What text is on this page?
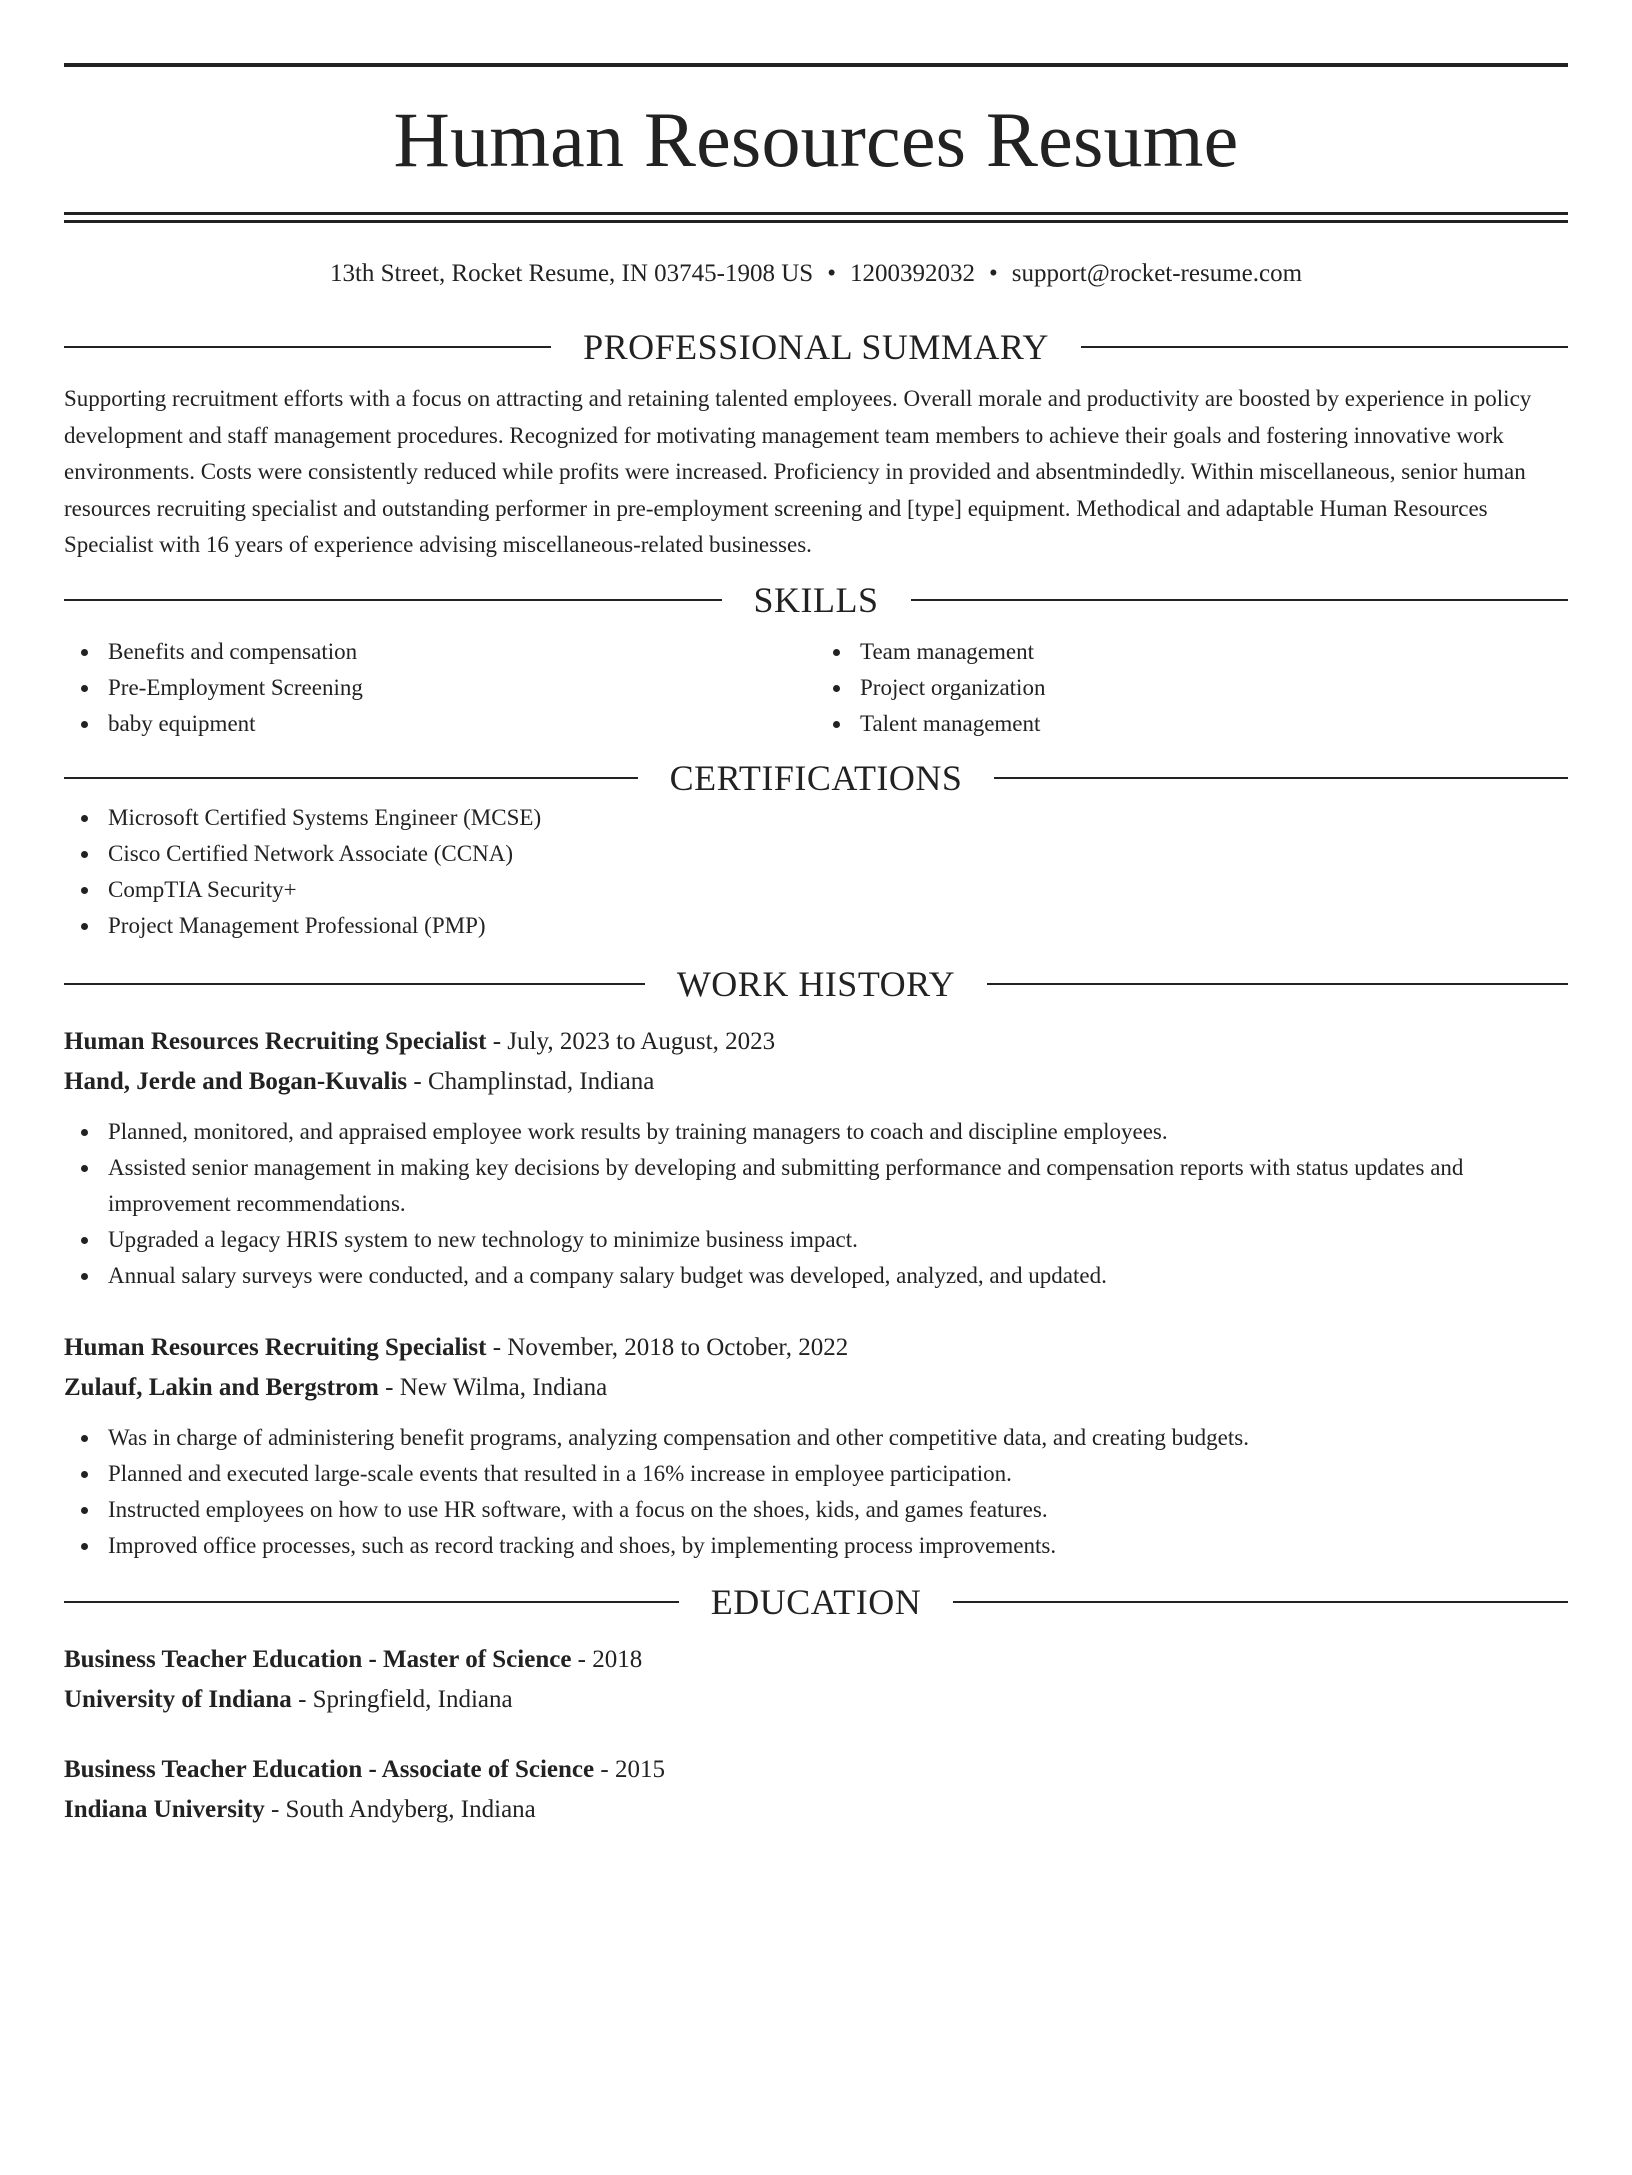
Human Resources Resume
13th Street, Rocket Resume, IN 03745-1908 US • 1200392032 • support@rocket-resume.com
PROFESSIONAL SUMMARY
Supporting recruitment efforts with a focus on attracting and retaining talented employees. Overall morale and productivity are boosted by experience in policy development and staff management procedures. Recognized for motivating management team members to achieve their goals and fostering innovative work environments. Costs were consistently reduced while profits were increased. Proficiency in provided and absentmindedly. Within miscellaneous, senior human resources recruiting specialist and outstanding performer in pre-employment screening and [type] equipment. Methodical and adaptable Human Resources Specialist with 16 years of experience advising miscellaneous-related businesses.
SKILLS
Benefits and compensation
Pre-Employment Screening
baby equipment
Team management
Project organization
Talent management
CERTIFICATIONS
Microsoft Certified Systems Engineer (MCSE)
Cisco Certified Network Associate (CCNA)
CompTIA Security+
Project Management Professional (PMP)
WORK HISTORY
Human Resources Recruiting Specialist - July, 2023 to August, 2023
Hand, Jerde and Bogan-Kuvalis - Champlinstad, Indiana
Planned, monitored, and appraised employee work results by training managers to coach and discipline employees.
Assisted senior management in making key decisions by developing and submitting performance and compensation reports with status updates and improvement recommendations.
Upgraded a legacy HRIS system to new technology to minimize business impact.
Annual salary surveys were conducted, and a company salary budget was developed, analyzed, and updated.
Human Resources Recruiting Specialist - November, 2018 to October, 2022
Zulauf, Lakin and Bergstrom - New Wilma, Indiana
Was in charge of administering benefit programs, analyzing compensation and other competitive data, and creating budgets.
Planned and executed large-scale events that resulted in a 16% increase in employee participation.
Instructed employees on how to use HR software, with a focus on the shoes, kids, and games features.
Improved office processes, such as record tracking and shoes, by implementing process improvements.
EDUCATION
Business Teacher Education - Master of Science - 2018
University of Indiana - Springfield, Indiana
Business Teacher Education - Associate of Science - 2015
Indiana University - South Andyberg, Indiana
